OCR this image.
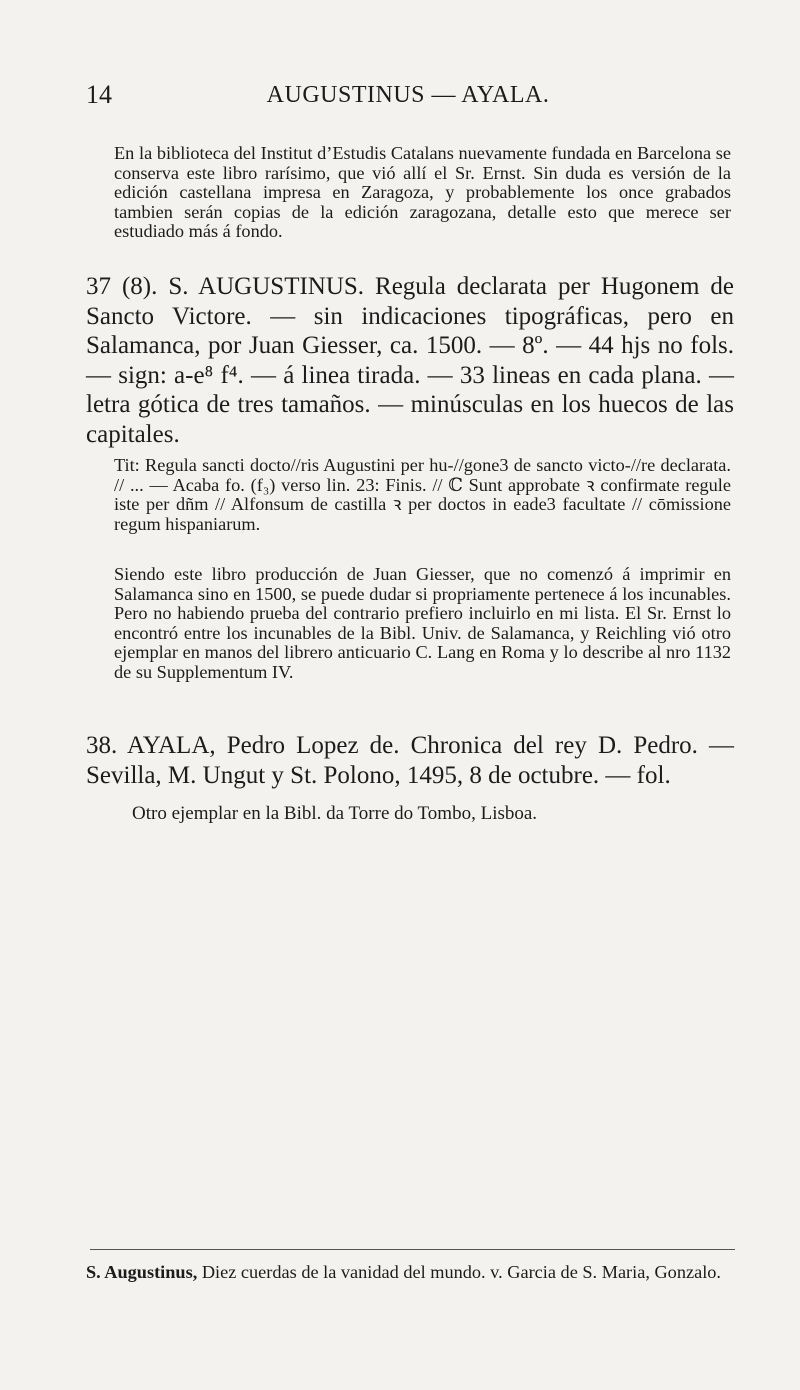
14	AUGUSTINUS — AYALA.

En la biblioteca del Institut d’Estudis Catalans nuevamente fundada en Barcelona se conserva este libro rarísimo, que vió allí el Sr. Ernst. Sin duda es versión de la edición castellana impresa en Zaragoza, y probablemente los once grabados tambien serán copias de la edición zaragozana, detalle esto que merece ser estudiado más á fondo.

37 (8). S. AUGUSTINUS. Regula declarata per Hugonem de Sancto Victore. — sin indicaciones tipográficas, pero en Salamanca, por Juan Giesser, ca. 1500. — 8º. — 44 hjs no fols. — sign: a-e⁸ f⁴. — á linea tirada. — 33 lineas en cada plana. — letra gótica de tres tamaños. — minúsculas en los huecos de las capitales.

Tit: Regula sancti docto//ris Augustini per hu-//gone3 de sancto victo-//re declarata. // ... — Acaba fo. (f₃) verso lin. 23: Finis. // ℂ Sunt approbate ꝛ confirmate regule iste per dñm // Alfonsum de castilla ꝛ per doctos in eade3 facultate // cōmissione regum hispaniarum.

Siendo este libro producción de Juan Giesser, que no comenzó á imprimir en Salamanca sino en 1500, se puede dudar si propriamente pertenece á los incunables. Pero no habiendo prueba del contrario prefiero incluirlo en mi lista. El Sr. Ernst lo encontró entre los incunables de la Bibl. Univ. de Salamanca, y Reichling vió otro ejemplar en manos del librero anticuario C. Lang en Roma y lo describe al nro 1132 de su Supplementum IV.

38. AYALA, Pedro Lopez de. Chronica del rey D. Pedro. — Sevilla, M. Ungut y St. Polono, 1495, 8 de octubre. — fol.

Otro ejemplar en la Bibl. da Torre do Tombo, Lisboa.

S. Augustinus, Diez cuerdas de la vanidad del mundo. v. Garcia de S. Maria, Gonzalo.
